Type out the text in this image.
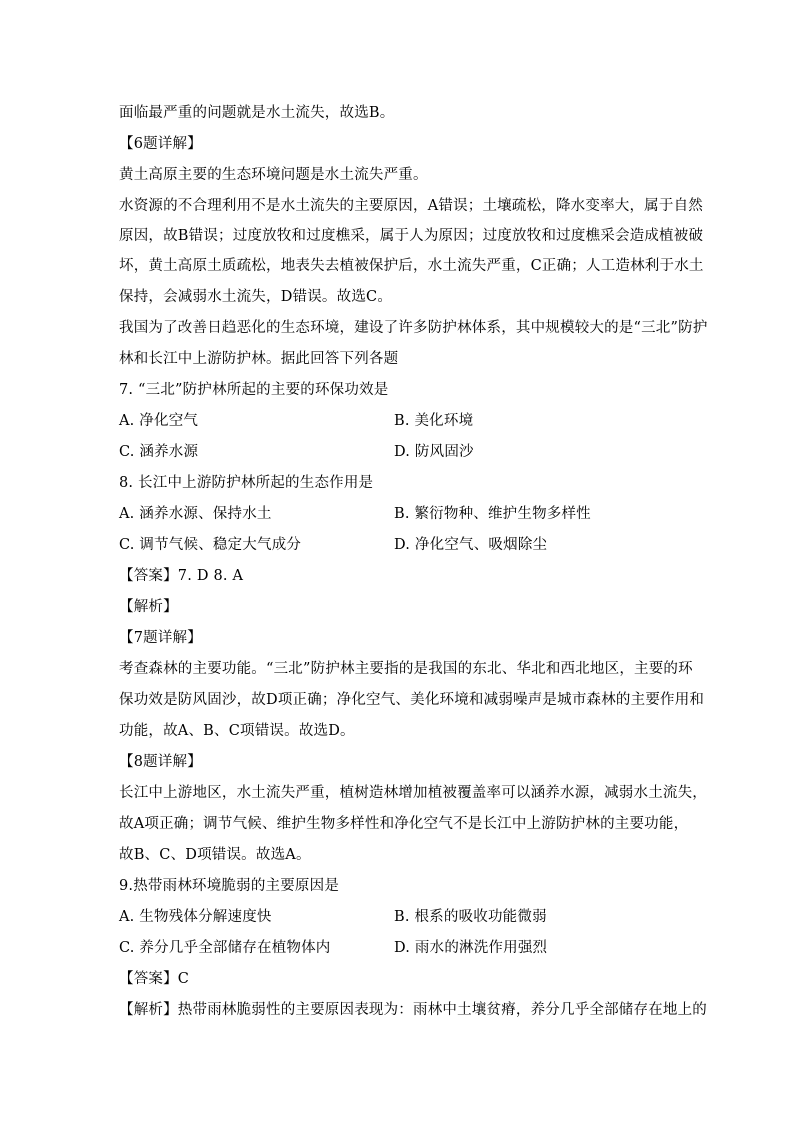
面临最严重的问题就是水土流失，故选B。
【6题详解】
黄土高原主要的生态环境问题是水土流失严重。
水资源的不合理利用不是水土流失的主要原因，A错误；土壤疏松，降水变率大，属于自然
原因，故B错误；过度放牧和过度樵采，属于人为原因；过度放牧和过度樵采会造成植被破
坏，黄土高原土质疏松，地表失去植被保护后，水土流失严重，C正确；人工造林利于水土
保持，会减弱水土流失，D错误。故选C。
我国为了改善日趋恶化的生态环境，建设了许多防护林体系，其中规模较大的是“三北”防护
林和长江中上游防护林。据此回答下列各题
7. “三北”防护林所起的主要的环保功效是
A. 净化空气	B. 美化环境
C. 涵养水源	D. 防风固沙
8. 长江中上游防护林所起的生态作用是
A. 涵养水源、保持水土	B. 繁衍物种、维护生物多样性
C. 调节气候、稳定大气成分	D. 净化空气、吸烟除尘
【答案】7. D 8. A
【解析】
【7题详解】
考查森林的主要功能。“三北”防护林主要指的是我国的东北、华北和西北地区，主要的环
保功效是防风固沙，故D项正确；净化空气、美化环境和减弱噪声是城市森林的主要作用和
功能，故A、B、C项错误。故选D。
【8题详解】
长江中上游地区，水土流失严重，植树造林增加植被覆盖率可以涵养水源，减弱水土流失，
故A项正确；调节气候、维护生物多样性和净化空气不是长江中上游防护林的主要功能，
故B、C、D项错误。故选A。
9.热带雨林环境脆弱的主要原因是
A. 生物残体分解速度快	B. 根系的吸收功能微弱
C. 养分几乎全部储存在植物体内	D. 雨水的淋洗作用强烈
【答案】C
【解析】热带雨林脆弱性的主要原因表现为：雨林中土壤贫瘠，养分几乎全部储存在地上的
